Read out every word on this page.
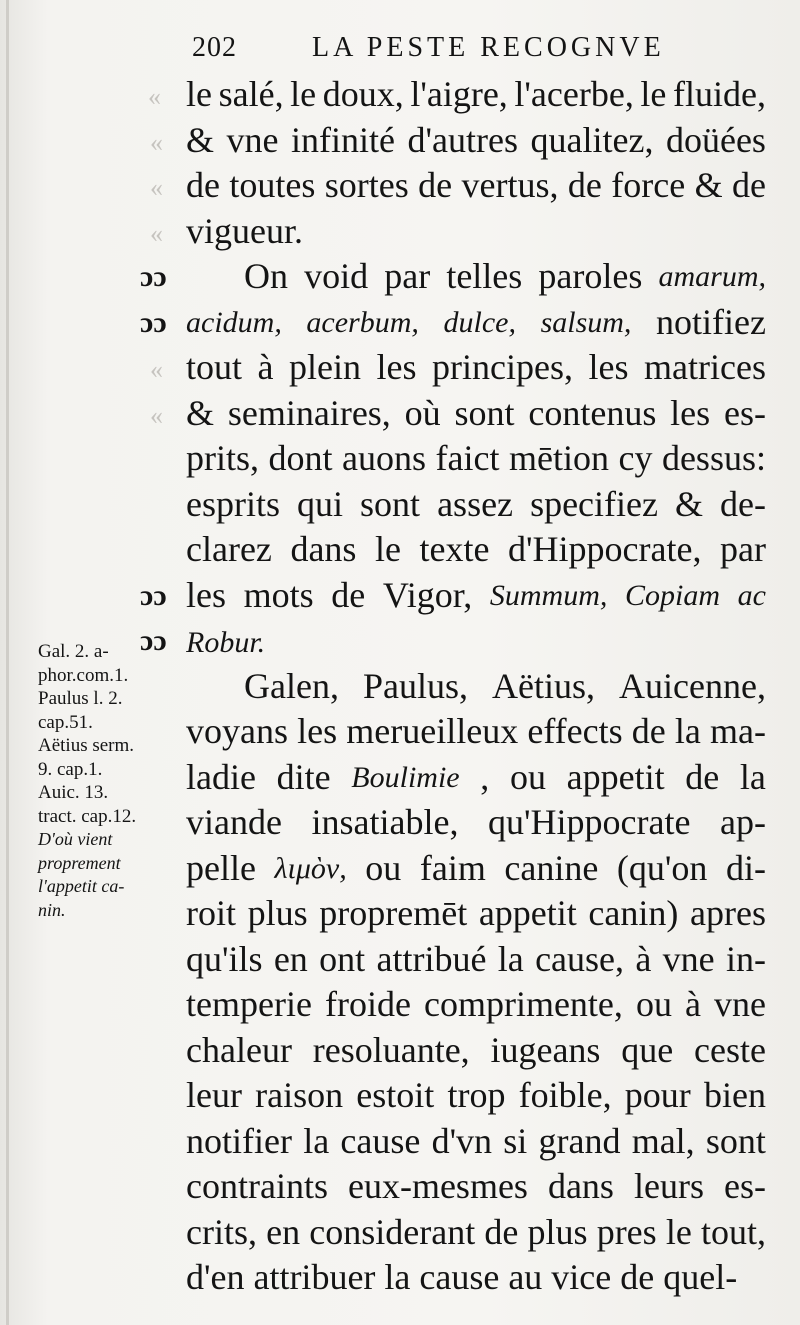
202	LA PESTE RECOGNVE
«
«
«
«
«
«
ɔɔ
ɔɔ
ɔɔ
ɔɔ
le salé, le doux, l'aigre, l'acerbe, le fluide,
& vne infinité d'autres qualitez, doüées
de toutes sortes de vertus, de force & de
vigueur.
On void par telles paroles amarum,
acidum, acerbum, dulce, salsum, notifiez
tout à plein les principes, les matrices
& seminaires, où sont contenus les es-
prits, dont auons faict mētion cy dessus:
esprits qui sont assez specifiez & de-
clarez dans le texte d'Hippocrate, par
les mots de Vigor, Summum, Copiam ac
Robur.
Galen, Paulus, Aëtius, Auicenne,
voyans les merueilleux effects de la ma-
ladie dite Boulimie , ou appetit de la
viande insatiable, qu'Hippocrate ap-
pelle λιμὸν, ou faim canine (qu'on di-
roit plus propremēt appetit canin) apres
qu'ils en ont attribué la cause, à vne in-
temperie froide comprimente, ou à vne
chaleur resoluante, iugeans que ceste
leur raison estoit trop foible, pour bien
notifier la cause d'vn si grand mal, sont
contraints eux-mesmes dans leurs es-
crits, en considerant de plus pres le tout,
d'en attribuer la cause au vice de quel-
Gal. 2. a-
phor.com.1.
Paulus l. 2.
cap.51.
Aëtius serm.
9. cap.1.
Auic. 13.
tract. cap.12.
D'où vient
proprement
l'appetit ca-
nin.
